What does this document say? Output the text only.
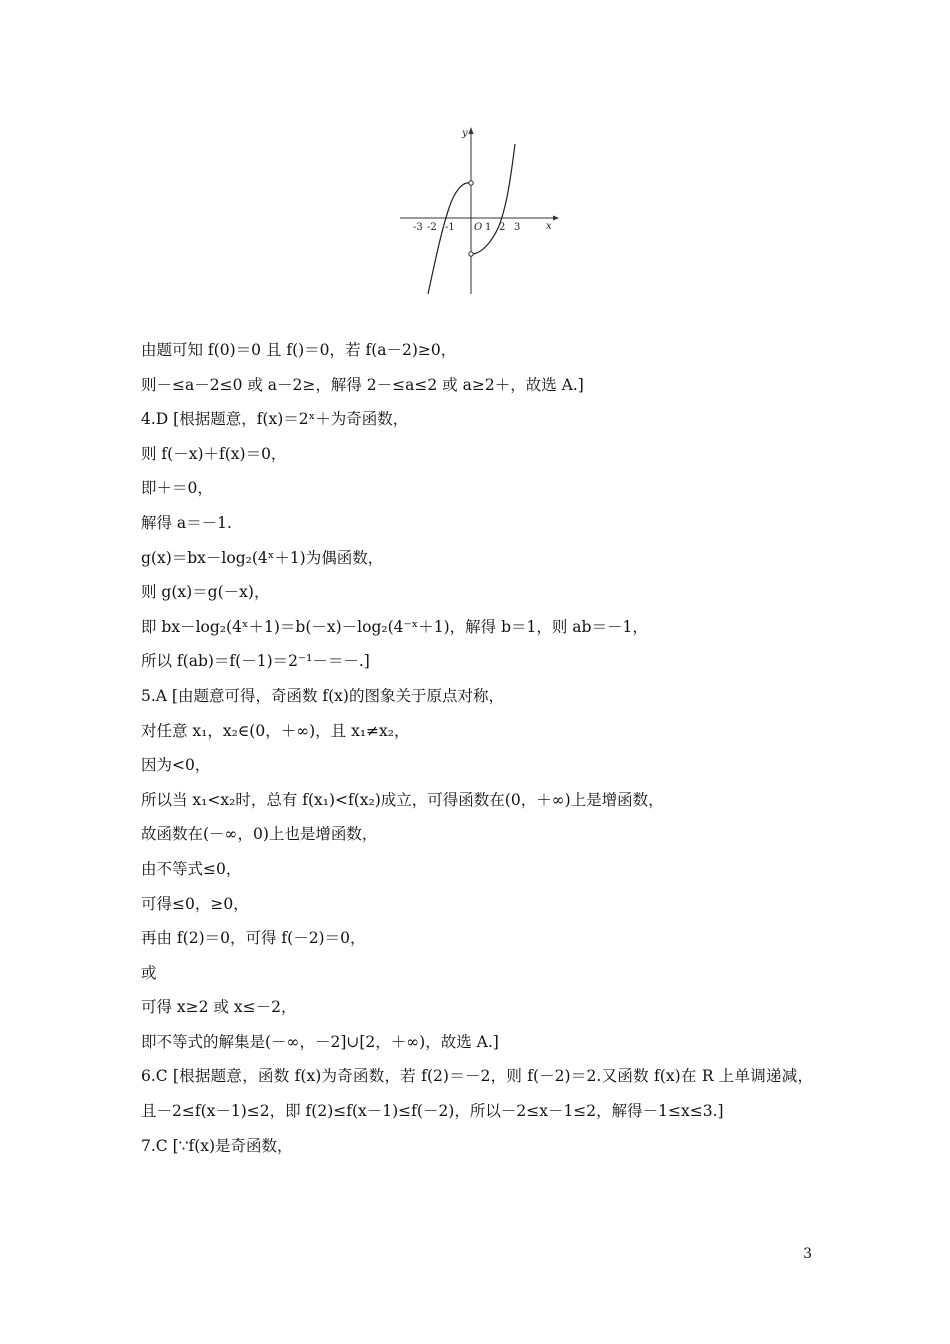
-3 -2 -1 O 1 2 3	x
y
由题可知 f(0)＝0 且 f()＝0，若 f(a－2)≥0，
则－≤a－2≤0 或 a－2≥，解得 2－≤a≤2 或 a≥2＋，故选 A.]
4.D [根据题意，f(x)＝2ˣ＋为奇函数，
则 f(－x)＋f(x)＝0，
即＋＝0，
解得 a＝－1.
g(x)＝bx－log₂(4ˣ＋1)为偶函数，
则 g(x)＝g(－x)，
即 bx－log₂(4ˣ＋1)＝b(－x)－log₂(4⁻ˣ＋1)，解得 b＝1，则 ab＝－1，
所以 f(ab)＝f(－1)＝2⁻¹－＝－.]
5.A [由题意可得，奇函数 f(x)的图象关于原点对称，
对任意 x₁，x₂∈(0，＋∞)，且 x₁≠x₂，
因为<0，
所以当 x₁<x₂时，总有 f(x₁)<f(x₂)成立，可得函数在(0，＋∞)上是增函数，
故函数在(－∞，0)上也是增函数，
由不等式≤0，
可得≤0，≥0，
再由 f(2)＝0，可得 f(－2)＝0，
或
可得 x≥2 或 x≤－2，
即不等式的解集是(－∞，－2]∪[2，＋∞)，故选 A.]
6.C [根据题意，函数 f(x)为奇函数，若 f(2)＝－2，则 f(－2)＝2.又函数 f(x)在 R 上单调递减，且－2≤f(x－1)≤2，即 f(2)≤f(x－1)≤f(－2)，所以－2≤x－1≤2，解得－1≤x≤3.]
7.C [∵f(x)是奇函数，
3
